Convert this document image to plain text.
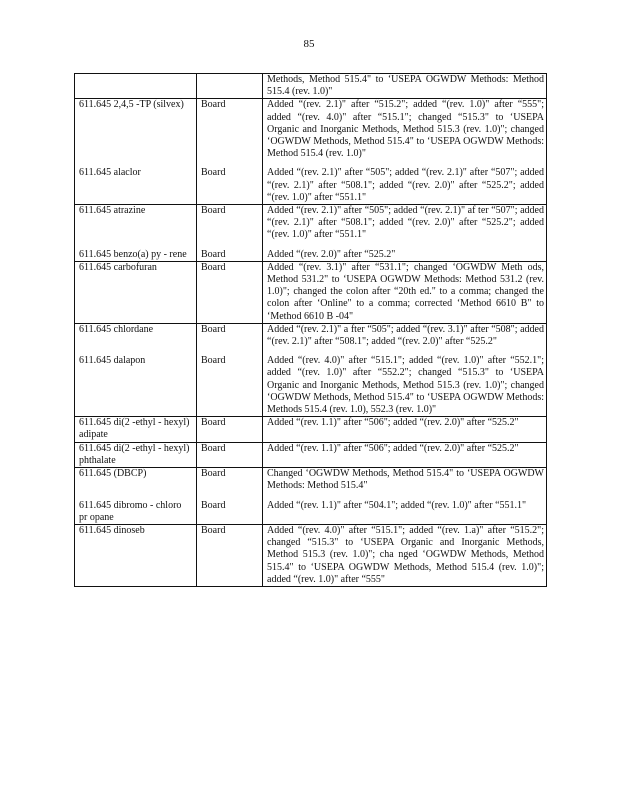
85
		Methods, Method 515.4" to ‘USEPA OGWDW Methods: Method 515.4 (rev. 1.0)"
611.645 2,4,5 -TP (silvex)	Board	Added “(rev. 2.1)" after “515.2"; added “(rev. 1.0)" after “555"; added “(rev. 4.0)" after “515.1"; changed “515.3" to ‘USEPA Organic and Inorganic Methods, Method 515.3 (rev. 1.0)"; changed ‘OGWDW Methods, Method 515.4" to ‘USEPA OGWDW Methods: Method 515.4 (rev. 1.0)"
611.645 alaclor	Board	Added “(rev. 2.1)" after “505"; added “(rev. 2.1)" after “507"; added “(rev. 2.1)" after “508.1"; added “(rev. 2.0)" after “525.2"; added “(rev. 1.0)" after “551.1"
611.645 atrazine	Board	Added “(rev. 2.1)" after “505"; added “(rev. 2.1)" af ter “507"; added “(rev. 2.1)" after “508.1"; added “(rev. 2.0)" after “525.2"; added “(rev. 1.0)" after “551.1"
611.645 benzo(a) py - rene	Board	Added “(rev. 2.0)" after “525.2"
611.645 carbofuran	Board	Added “(rev. 3.1)" after “531.1"; changed ‘OGWDW Meth ods, Method 531.2" to ‘USEPA OGWDW Methods: Method 531.2 (rev. 1.0)"; changed the colon after “20th ed." to a comma; changed the colon after ‘Online" to a comma; corrected ‘Method 6610 B" to ‘Method 6610 B -04"
611.645 chlordane	Board	Added “(rev. 2.1)" a fter “505"; added “(rev. 3.1)" after “508"; added “(rev. 2.1)" after “508.1"; added “(rev. 2.0)" after “525.2"
611.645 dalapon	Board	Added “(rev. 4.0)" after “515.1"; added “(rev. 1.0)" after “552.1"; added “(rev. 1.0)" after “552.2"; changed “515.3" to ‘USEPA Organic and Inorganic Methods, Method 515.3 (rev. 1.0)"; changed ‘OGWDW Methods, Method 515.4" to ‘USEPA OGWDW Methods: Methods 515.4 (rev. 1.0), 552.3 (rev. 1.0)"
611.645 di(2 -ethyl - hexyl) adipate	Board	Added “(rev. 1.1)" after “506"; added “(rev. 2.0)" after “525.2"
611.645 di(2 -ethyl - hexyl) phthalate	Board	Added “(rev. 1.1)" after “506"; added “(rev. 2.0)" after “525.2"
611.645 (DBCP)	Board	Changed ‘OGWDW Methods, Method 515.4" to ‘USEPA OGWDW Methods: Method 515.4"
611.645 dibromo - chloro pr opane	Board	Added “(rev. 1.1)" after “504.1"; added “(rev. 1.0)" after “551.1"
611.645 dinoseb	Board	Added “(rev. 4.0)" after “515.1"; added “(rev. 1.a)" after “515.2"; changed “515.3" to ‘USEPA Organic and Inorganic Methods, Method 515.3 (rev. 1.0)"; cha nged ‘OGWDW Methods, Method 515.4" to ‘USEPA OGWDW Methods, Method 515.4 (rev. 1.0)"; added “(rev. 1.0)" after “555"
